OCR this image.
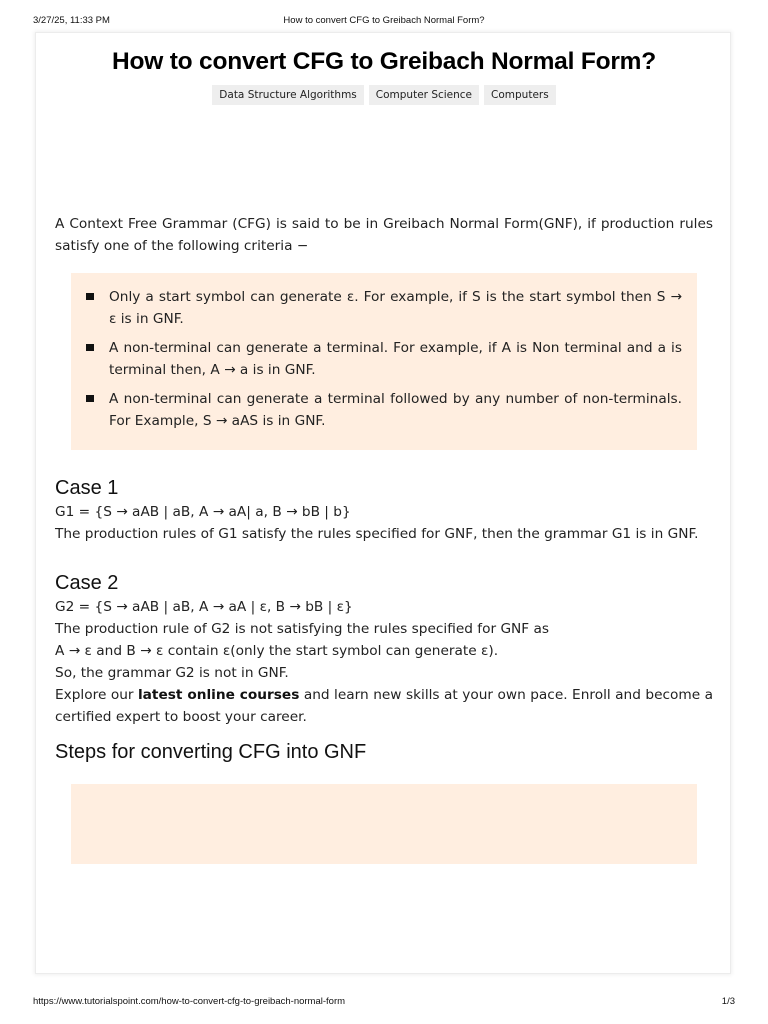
3/27/25, 11:33 PM	How to convert CFG to Greibach Normal Form?
How to convert CFG to Greibach Normal Form?
Data Structure Algorithms Computer Science Computers

A Context Free Grammar (CFG) is said to be in Greibach Normal Form(GNF), if production rules satisfy one of the following criteria −

Only a start symbol can generate ε. For example, if S is the start symbol then S → ε is in GNF.
A non-terminal can generate a terminal. For example, if A is Non terminal and a is terminal then, A → a is in GNF.
A non-terminal can generate a terminal followed by any number of non-terminals. For Example, S → aAS is in GNF.
Case 1

G1 = {S → aAB | aB, A → aA| a, B → bB | b}

The production rules of G1 satisfy the rules specified for GNF, then the grammar G1 is in GNF.

Case 2

G2 = {S → aAB | aB, A → aA | ε, B → bB | ε}

The production rule of G2 is not satisfying the rules specified for GNF as

A → ε and B → ε contain ε(only the start symbol can generate ε).

So, the grammar G2 is not in GNF.

Explore our latest online courses and learn new skills at your own pace. Enroll and become a certified expert to boost your career.

Steps for converting CFG into GNF
https://www.tutorialspoint.com/how-to-convert-cfg-to-greibach-normal-form	1/3
